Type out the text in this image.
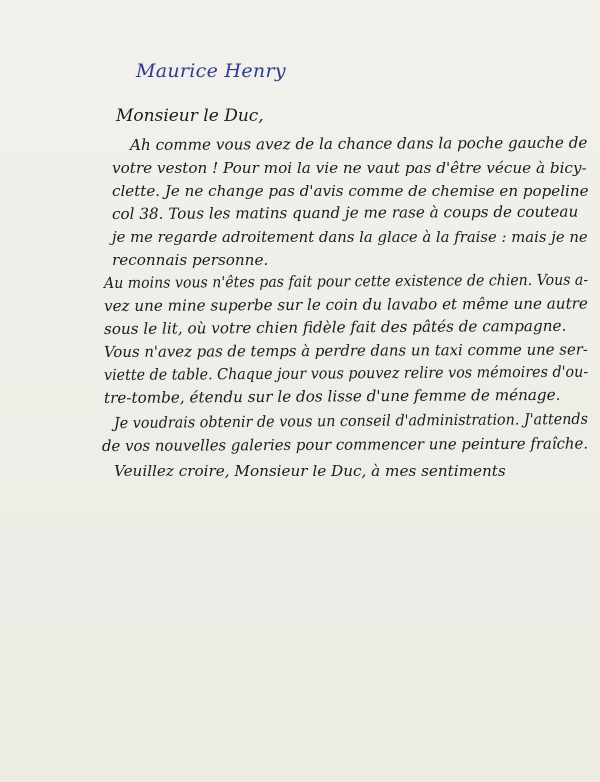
Maurice Henry
Monsieur le Duc,
Ah comme vous avez de la chance dans la poche gauche de
votre veston ! Pour moi la vie ne vaut pas d'être vécue à bicy-
clette. Je ne change pas d'avis comme de chemise en popeline
col 38. Tous les matins quand je me rase à coups de couteau
je me regarde adroitement dans la glace à la fraise : mais je ne
reconnais personne.
Au moins vous n'êtes pas fait pour cette existence de chien. Vous a-
vez une mine superbe sur le coin du lavabo et même une autre
sous le lit, où votre chien fidèle fait des pâtés de campagne.
Vous n'avez pas de temps à perdre dans un taxi comme une ser-
viette de table. Chaque jour vous pouvez relire vos mémoires d'ou-
tre-tombe, étendu sur le dos lisse d'une femme de ménage.
Je voudrais obtenir de vous un conseil d'administration. J'attends
de vos nouvelles galeries pour commencer une peinture fraîche.
Veuillez croire, Monsieur le Duc, à mes sentiments
